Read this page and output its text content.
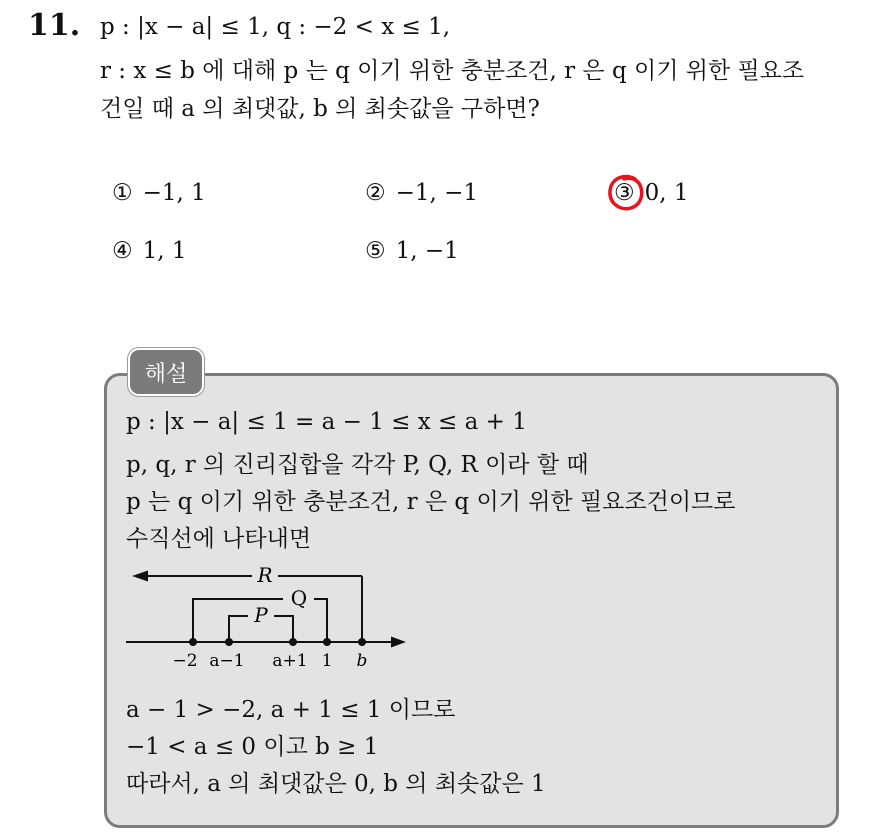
11. p : |x − a| ≤ 1, q : −2 < x ≤ 1,
r : x ≤ b 에 대해 p 는 q 이기 위한 충분조건, r 은 q 이기 위한 필요조
건일 때 a 의 최댓값, b 의 최솟값을 구하면?
① −1, 1	② −1, −1	③ 0, 1
④ 1, 1	⑤ 1, −1
해설
p : |x − a| ≤ 1 = a − 1 ≤ x ≤ a + 1
p, q, r 의 진리집합을 각각 P, Q, R 이라 할 때
p 는 q 이기 위한 충분조건, r 은 q 이기 위한 필요조건이므로
수직선에 나타내면
R
Q
P
−2 a−1 a+1 1 b
a − 1 > −2, a + 1 ≤ 1 이므로
−1 < a ≤ 0 이고 b ≥ 1
따라서, a 의 최댓값은 0, b 의 최솟값은 1
